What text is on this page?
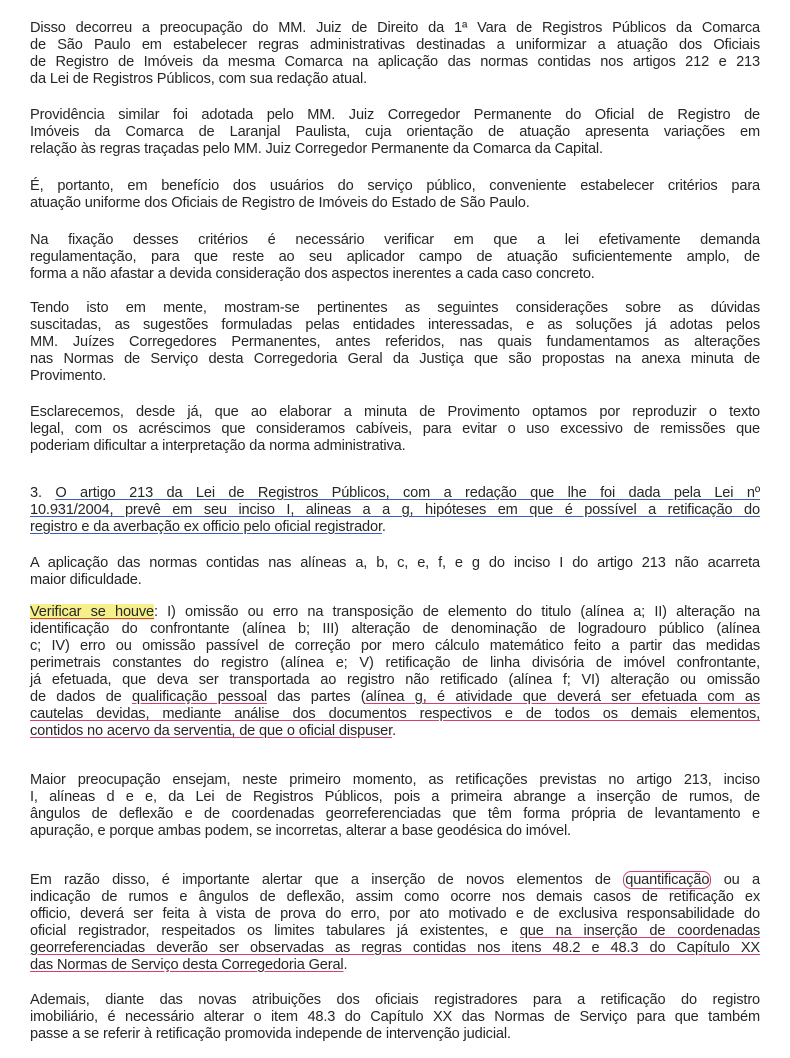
Disso decorreu a preocupação do MM. Juiz de Direito da 1ª Vara de Registros Públicos da Comarca
de São Paulo em estabelecer regras administrativas destinadas a uniformizar a atuação dos Oficiais
de Registro de Imóveis da mesma Comarca na aplicação das normas contidas nos artigos 212 e 213
da Lei de Registros Públicos, com sua redação atual.
Providência similar foi adotada pelo MM. Juiz Corregedor Permanente do Oficial de Registro de
Imóveis da Comarca de Laranjal Paulista, cuja orientação de atuação apresenta variações em
relação às regras traçadas pelo MM. Juiz Corregedor Permanente da Comarca da Capital.
É, portanto, em benefício dos usuários do serviço público, conveniente estabelecer critérios para
atuação uniforme dos Oficiais de Registro de Imóveis do Estado de São Paulo.
Na fixação desses critérios é necessário verificar em que a lei efetivamente demanda
regulamentação, para que reste ao seu aplicador campo de atuação suficientemente amplo, de
forma a não afastar a devida consideração dos aspectos inerentes a cada caso concreto.
Tendo isto em mente, mostram-se pertinentes as seguintes considerações sobre as dúvidas
suscitadas, as sugestões formuladas pelas entidades interessadas, e as soluções já adotas pelos
MM. Juízes Corregedores Permanentes, antes referidos, nas quais fundamentamos as alterações
nas Normas de Serviço desta Corregedoria Geral da Justiça que são propostas na anexa minuta de
Provimento.
Esclarecemos, desde já, que ao elaborar a minuta de Provimento optamos por reproduzir o texto
legal, com os acréscimos que consideramos cabíveis, para evitar o uso excessivo de remissões que
poderiam dificultar a interpretação da norma administrativa.
3. O artigo 213 da Lei de Registros Públicos, com a redação que lhe foi dada pela Lei nº
10.931/2004, prevê em seu inciso I, alineas a a g, hipóteses em que é possível a retificação do
registro e da averbação ex officio pelo oficial registrador.
A aplicação das normas contidas nas alíneas a, b, c, e, f, e g do inciso I do artigo 213 não acarreta
maior dificuldade.
Verificar se houve: I) omissão ou erro na transposição de elemento do titulo (alínea a; II) alteração na
identificação do confrontante (alínea b; III) alteração de denominação de logradouro público (alínea
c; IV) erro ou omissão passível de correção por mero cálculo matemático feito a partir das medidas
perimetrais constantes do registro (alínea e; V) retificação de linha divisória de imóvel confrontante,
já efetuada, que deva ser transportada ao registro não retificado (alínea f; VI) alteração ou omissão
de dados de qualificação pessoal das partes (alínea g, é atividade que deverá ser efetuada com as
cautelas devidas, mediante análise dos documentos respectivos e de todos os demais elementos,
contidos no acervo da serventia, de que o oficial dispuser.
Maior preocupação ensejam, neste primeiro momento, as retificações previstas no artigo 213, inciso
I, alíneas d e e, da Lei de Registros Públicos, pois a primeira abrange a inserção de rumos, de
ângulos de deflexão e de coordenadas georreferenciadas que têm forma própria de levantamento e
apuração, e porque ambas podem, se incorretas, alterar a base geodésica do imóvel.
Em razão disso, é importante alertar que a inserção de novos elementos de quantificação ou a
indicação de rumos e ângulos de deflexão, assim como ocorre nos demais casos de retificação ex
officio, deverá ser feita à vista de prova do erro, por ato motivado e de exclusiva responsabilidade do
oficial registrador, respeitados os limites tabulares já existentes, e que na inserção de coordenadas
georreferenciadas deverão ser observadas as regras contidas nos itens 48.2 e 48.3 do Capítulo XX
das Normas de Serviço desta Corregedoria Geral.
Ademais, diante das novas atribuições dos oficiais registradores para a retificação do registro
imobiliário, é necessário alterar o item 48.3 do Capítulo XX das Normas de Serviço para que também
passe a se referir à retificação promovida independe de intervenção judicial.
